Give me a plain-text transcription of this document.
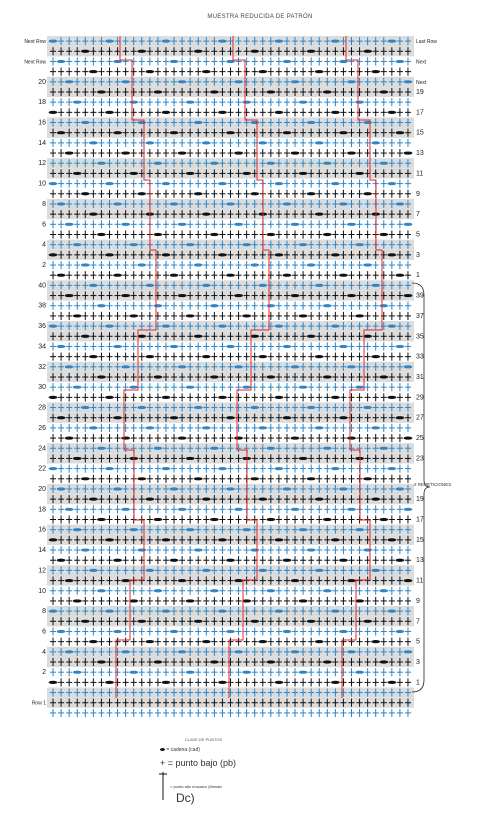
Next Row
Next Row
20
18
16
14
12
10
8
6
4
2
40
38
36
34
32
30
28
26
24
22
20
18
16
14
12
10
8
6
4
2
Row 1
Last Row
Next
Next
19
17
15
13
11
9
7
5
3
1
39
37
35
33
31
29
27
25
23
19
17
15
13
11
9
7
5
3
1
MUESTRA REDUCIDA DE PATRÓN
2 REPETICIONES
CLAVE DE PUNTOS
= cadena (cad)
+ = punto bajo (pb)
= punto alto mosaico (Mosaic
Dc)
